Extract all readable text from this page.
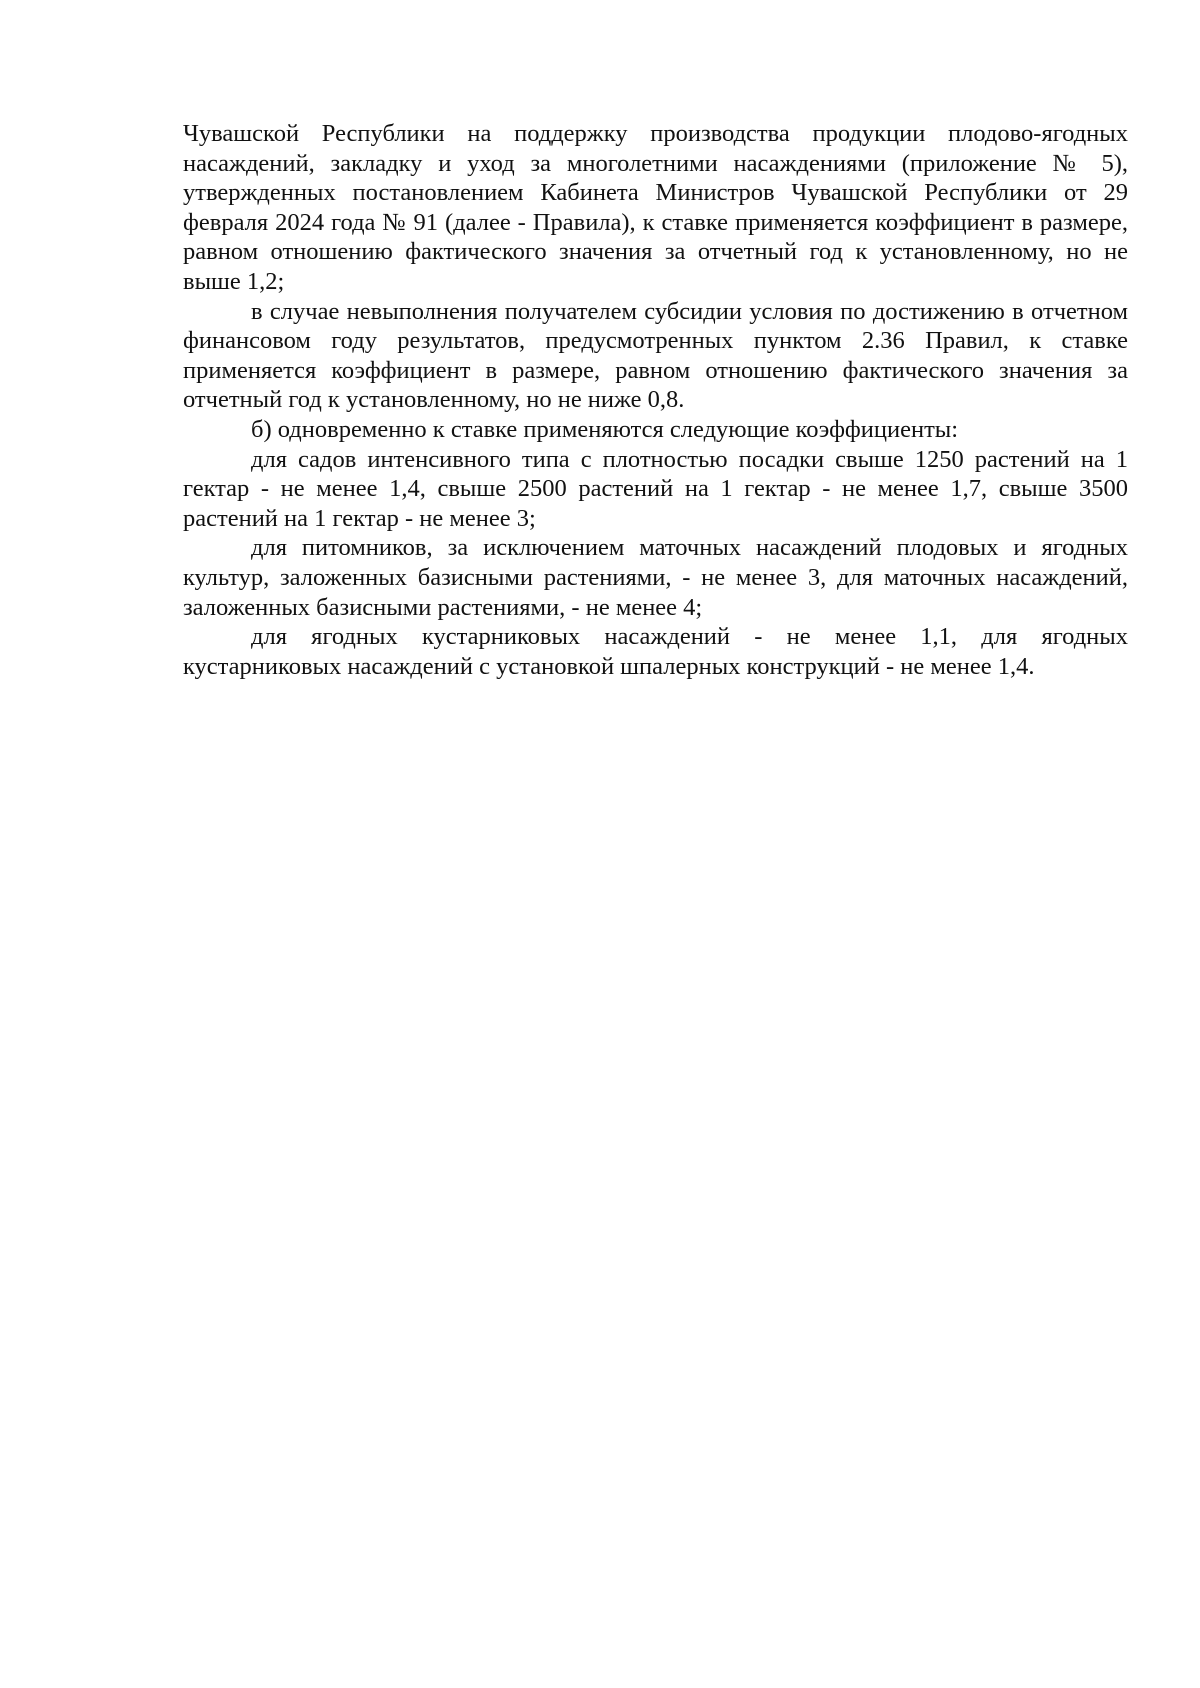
Чувашской Республики на поддержку производства продукции плодово-ягодных насаждений, закладку и уход за многолетними насаждениями (приложение № 5), утвержденных постановлением Кабинета Министров Чувашской Республики от 29 февраля 2024 года № 91 (далее - Правила), к ставке применяется коэффициент в размере, равном отношению фактического значения за отчетный год к установленному, но не выше 1,2;

в случае невыполнения получателем субсидии условия по достижению в отчетном финансовом году результатов, предусмотренных пунктом 2.36 Правил, к ставке применяется коэффициент в размере, равном отношению фактического значения за отчетный год к установленному, но не ниже 0,8.

б) одновременно к ставке применяются следующие коэффициенты:

для садов интенсивного типа с плотностью посадки свыше 1250 растений на 1 гектар - не менее 1,4, свыше 2500 растений на 1 гектар - не менее 1,7, свыше 3500 растений на 1 гектар - не менее 3;

для питомников, за исключением маточных насаждений плодовых и ягодных культур, заложенных базисными растениями, - не менее 3, для маточных насаждений, заложенных базисными растениями, - не менее 4;

для ягодных кустарниковых насаждений - не менее 1,1, для ягодных кустарниковых насаждений с установкой шпалерных конструкций - не менее 1,4.
